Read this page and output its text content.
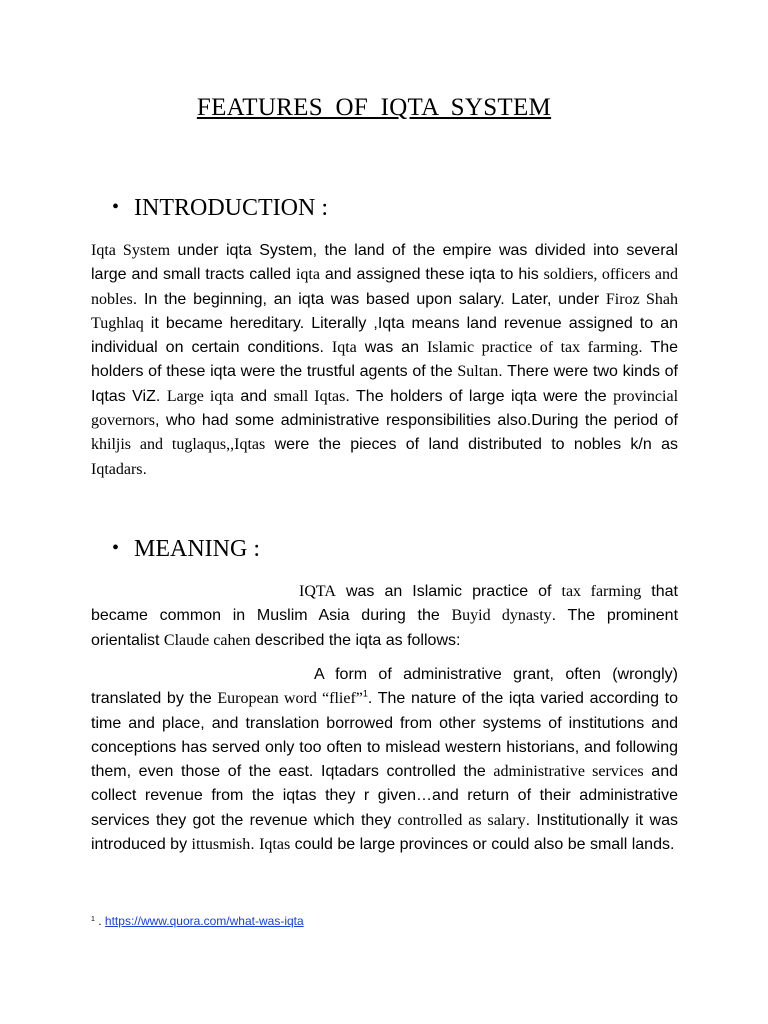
FEATURES OF IQTA SYSTEM
• INTRODUCTION :

Iqta System under iqta System, the land of the empire was divided into several large and small tracts called iqta and assigned these iqta to his soldiers, officers and nobles. In the beginning, an iqta was based upon salary. Later, under Firoz Shah Tughlaq it became hereditary. Literally ,Iqta means land revenue assigned to an individual on certain conditions. Iqta was an Islamic practice of tax farming. The holders of these iqta were the trustful agents of the Sultan. There were two kinds of Iqtas ViZ. Large iqta and small Iqtas. The holders of large iqta were the provincial governors, who had some administrative responsibilities also.During the period of khiljis and tuglaqus,,Iqtas were the pieces of land distributed to nobles k/n as Iqtadars.

• MEANING :

IQTA was an Islamic practice of tax farming that became common in Muslim Asia during the Buyid dynasty. The prominent orientalist Claude cahen described the iqta as follows:

A form of administrative grant, often (wrongly) translated by the European word “flief”$^1$. The nature of the iqta varied according to time and place, and translation borrowed from other systems of institutions and conceptions has served only too often to mislead western historians, and following them, even those of the east. Iqtadars controlled the administrative services and collect revenue from the iqtas they r given…and return of their administrative services they got the revenue which they controlled as salary. Institutionally it was introduced by ittusmish. Iqtas could be large provinces or could also be small lands.

$^1$ . https://www.quora.com/what-was-iqta
